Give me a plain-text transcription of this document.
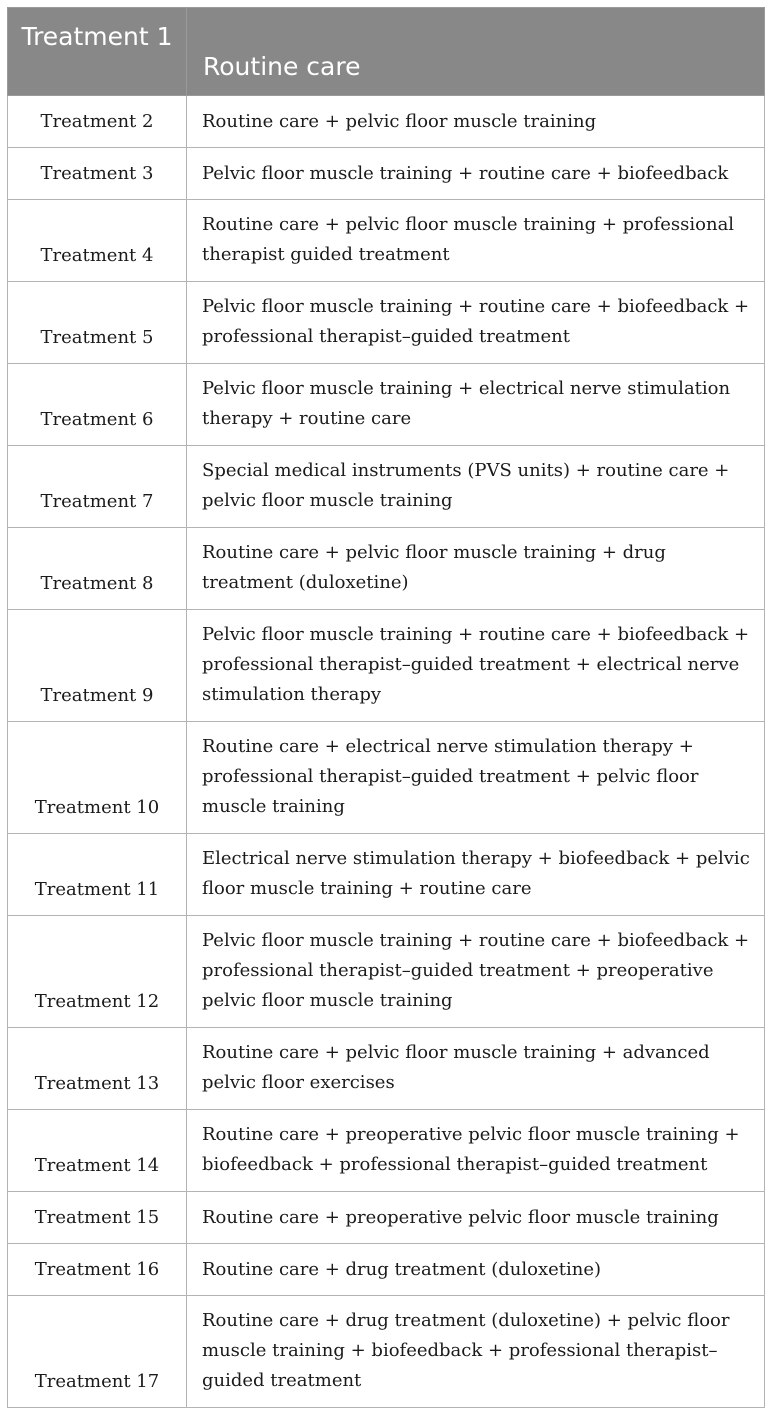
Treatment 1	Routine care
Treatment 2	Routine care + pelvic floor muscle training
Treatment 3	Pelvic floor muscle training + routine care + biofeedback
Treatment 4	Routine care + pelvic floor muscle training + professional therapist guided treatment
Treatment 5	Pelvic floor muscle training + routine care + biofeedback + professional therapist–guided treatment
Treatment 6	Pelvic floor muscle training + electrical nerve stimulation therapy + routine care
Treatment 7	Special medical instruments (PVS units) + routine care + pelvic floor muscle training
Treatment 8	Routine care + pelvic floor muscle training + drug treatment (duloxetine)
Treatment 9	Pelvic floor muscle training + routine care + biofeedback + professional therapist–guided treatment + electrical nerve stimulation therapy
Treatment 10	Routine care + electrical nerve stimulation therapy + professional therapist–guided treatment + pelvic floor muscle training
Treatment 11	Electrical nerve stimulation therapy + biofeedback + pelvic floor muscle training + routine care
Treatment 12	Pelvic floor muscle training + routine care + biofeedback + professional therapist–guided treatment + preoperative pelvic floor muscle training
Treatment 13	Routine care + pelvic floor muscle training + advanced pelvic floor exercises
Treatment 14	Routine care + preoperative pelvic floor muscle training + biofeedback + professional therapist–guided treatment
Treatment 15	Routine care + preoperative pelvic floor muscle training
Treatment 16	Routine care + drug treatment (duloxetine)
Treatment 17	Routine care + drug treatment (duloxetine) + pelvic floor muscle training + biofeedback + professional therapist–guided treatment
